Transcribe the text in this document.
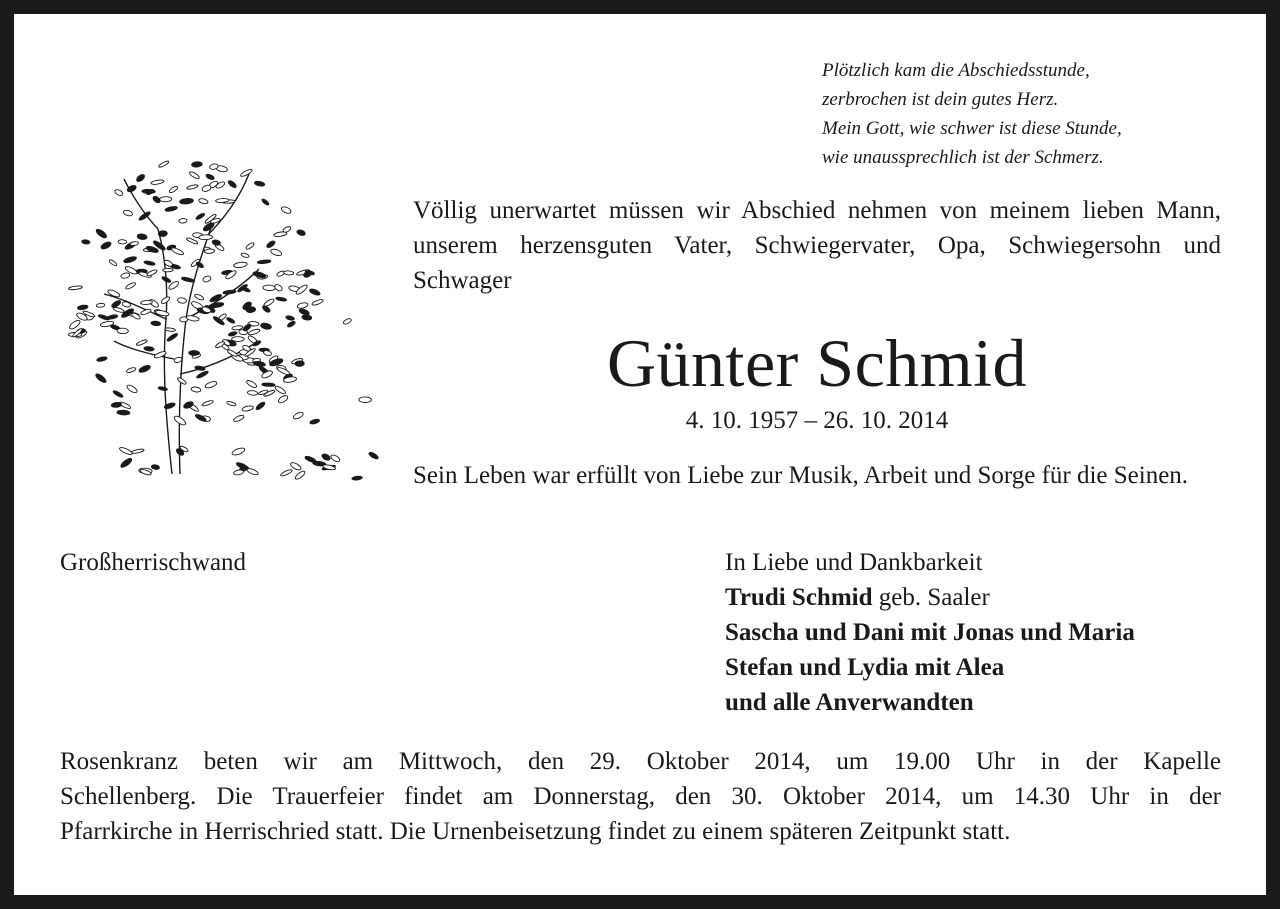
Plötzlich kam die Abschiedsstunde,
zerbrochen ist dein gutes Herz.
Mein Gott, wie schwer ist diese Stunde,
wie unaussprechlich ist der Schmerz.
Völlig unerwartet müssen wir Abschied nehmen von meinem lieben Mann, unserem herzensguten Vater, Schwiegervater, Opa, Schwiegersohn und Schwager
Günter Schmid
4. 10. 1957 – 26. 10. 2014
Sein Leben war erfüllt von Liebe zur Musik, Arbeit und Sorge für die Seinen.
Großherrischwand	In Liebe und Dankbarkeit
Trudi Schmid geb. Saaler
Sascha und Dani mit Jonas und Maria
Stefan und Lydia mit Alea
und alle Anverwandten
Rosenkranz beten wir am Mittwoch, den 29. Oktober 2014, um 19.00 Uhr in der Kapelle
Schellenberg. Die Trauerfeier findet am Donnerstag, den 30. Oktober 2014, um 14.30 Uhr in der
Pfarrkirche in Herrischried statt. Die Urnenbeisetzung findet zu einem späteren Zeitpunkt statt.
